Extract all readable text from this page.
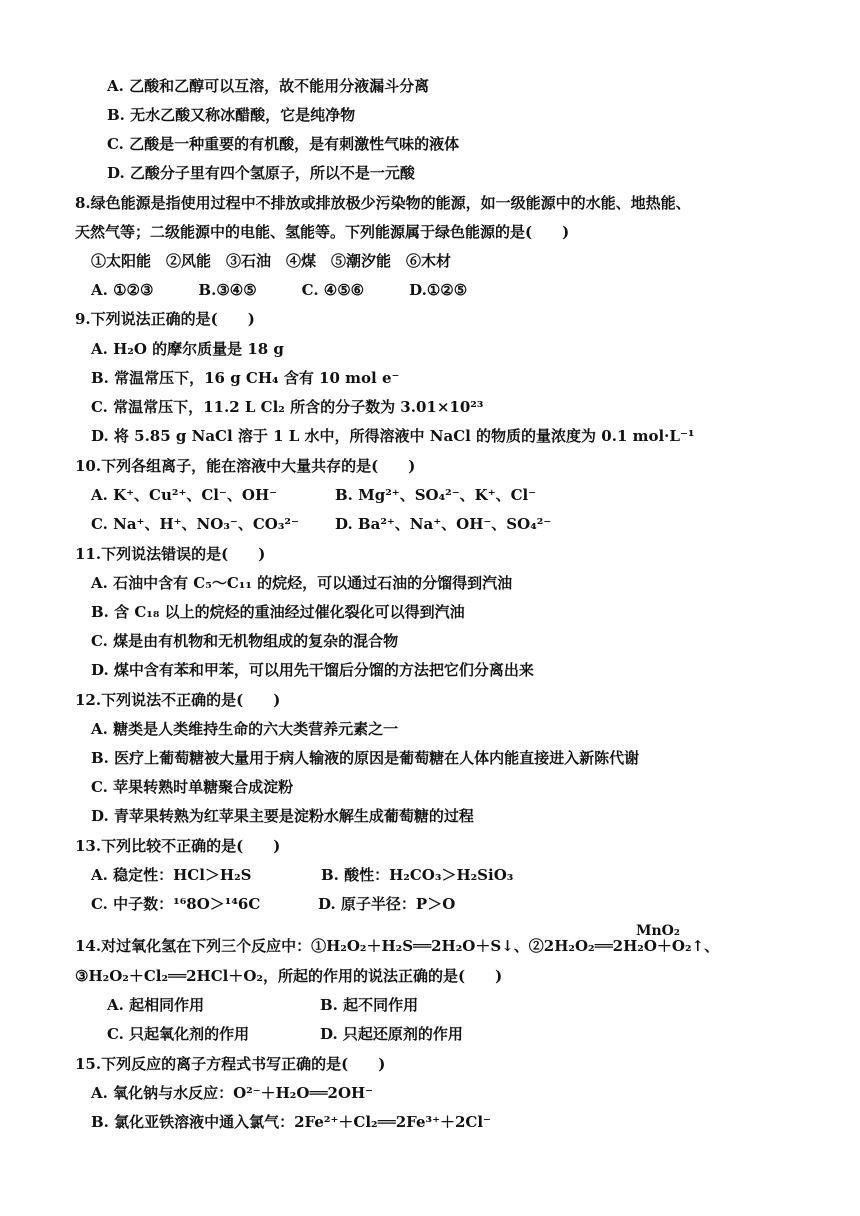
A. 乙酸和乙醇可以互溶，故不能用分液漏斗分离
B. 无水乙酸又称冰醋酸，它是纯净物
C. 乙酸是一种重要的有机酸，是有刺激性气味的液体
D. 乙酸分子里有四个氢原子，所以不是一元酸
8.绿色能源是指使用过程中不排放或排放极少污染物的能源，如一级能源中的水能、地热能、
天然气等；二级能源中的电能、氢能等。下列能源属于绿色能源的是(　　)
①太阳能　②风能　③石油　④煤　⑤潮汐能　⑥木材
A. ①②③　　　B.③④⑤　　　C. ④⑤⑥　　　D.①②⑤
9.下列说法正确的是(　　)
A. H₂O 的摩尔质量是 18 g
B. 常温常压下，16 g CH₄ 含有 10 mol e⁻
C. 常温常压下，11.2 L Cl₂ 所含的分子数为 3.01×10²³
D. 将 5.85 g NaCl 溶于 1 L 水中，所得溶液中 NaCl 的物质的量浓度为 0.1 mol·L⁻¹
10.下列各组离子，能在溶液中大量共存的是(　　)
A. K⁺、Cu²⁺、Cl⁻、OH⁻	B. Mg²⁺、SO₄²⁻、K⁺、Cl⁻
C. Na⁺、H⁺、NO₃⁻、CO₃²⁻ D. Ba²⁺、Na⁺、OH⁻、SO₄²⁻
11.下列说法错误的是(　　)
A. 石油中含有 C₅～C₁₁ 的烷烃，可以通过石油的分馏得到汽油
B. 含 C₁₈ 以上的烷烃的重油经过催化裂化可以得到汽油
C. 煤是由有机物和无机物组成的复杂的混合物
D. 煤中含有苯和甲苯，可以用先干馏后分馏的方法把它们分离出来
12.下列说法不正确的是(　　)
A. 糖类是人类维持生命的六大类营养元素之一
B. 医疗上葡萄糖被大量用于病人输液的原因是葡萄糖在人体内能直接进入新陈代谢
C. 苹果转熟时单糖聚合成淀粉
D. 青苹果转熟为红苹果主要是淀粉水解生成葡萄糖的过程
13.下列比较不正确的是(　　)
A. 稳定性：HCl＞H₂S	B. 酸性：H₂CO₃＞H₂SiO₃
C. 中子数：¹⁶8O＞¹⁴6C	D. 原子半径：P＞O
MnO₂
14.对过氧化氢在下列三个反应中：①H₂O₂＋H₂S══2H₂O＋S↓、②2H₂O₂══2H₂O＋O₂↑、
③H₂O₂＋Cl₂══2HCl＋O₂，所起的作用的说法正确的是(　　)
A. 起相同作用	B. 起不同作用
C. 只起氧化剂的作用	D. 只起还原剂的作用
15.下列反应的离子方程式书写正确的是(　　)
A. 氧化钠与水反应：O²⁻＋H₂O══2OH⁻
B. 氯化亚铁溶液中通入氯气：2Fe²⁺＋Cl₂══2Fe³⁺＋2Cl⁻
